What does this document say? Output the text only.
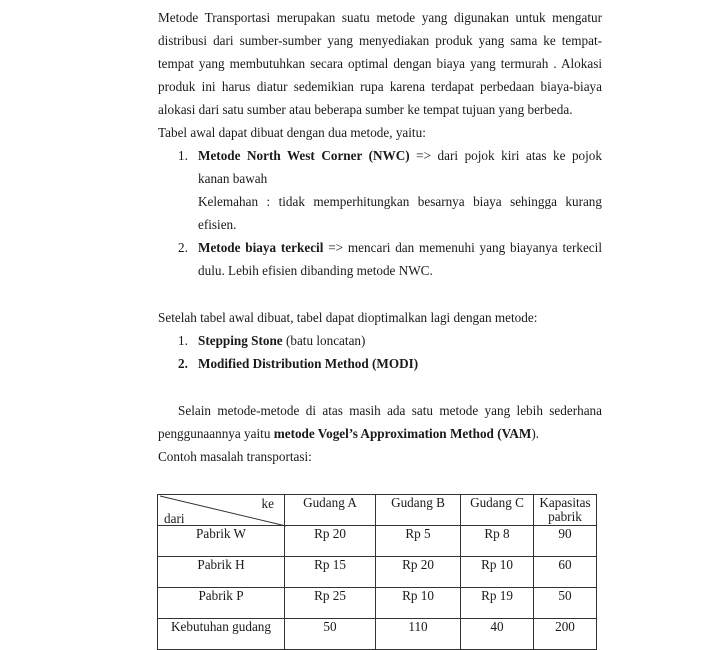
Metode Transportasi merupakan suatu metode yang digunakan untuk mengatur
distribusi dari sumber-sumber yang menyediakan produk yang sama ke tempat-
tempat yang membutuhkan secara optimal dengan biaya yang termurah . Alokasi
produk ini harus diatur sedemikian rupa karena terdapat perbedaan biaya-biaya
alokasi dari satu sumber atau beberapa sumber ke tempat tujuan yang berbeda.
Tabel awal dapat dibuat dengan dua metode, yaitu:
1. Metode North West Corner (NWC) => dari pojok kiri atas ke pojok
kanan bawah
Kelemahan : tidak memperhitungkan besarnya biaya sehingga kurang
efisien.
2. Metode biaya terkecil => mencari dan memenuhi yang biayanya terkecil
dulu. Lebih efisien dibanding metode NWC.
Setelah tabel awal dibuat, tabel dapat dioptimalkan lagi dengan metode:
1. Stepping Stone (batu loncatan)
2. Modified Distribution Method (MODI)
Selain metode-metode di atas masih ada satu metode yang lebih sederhana
penggunaannya yaitu metode Vogel’s Approximation Method (VAM).
Contoh masalah transportasi:
ke
dari	Gudang A	Gudang B	Gudang C	Kapasitas pabrik

Pabrik W	Rp 20	Rp 5	Rp 8	90

Pabrik H	Rp 15	Rp 20	Rp 10	60

Pabrik P	Rp 25	Rp 10	Rp 19	50

Kebutuhan gudang	50	110	40	200
